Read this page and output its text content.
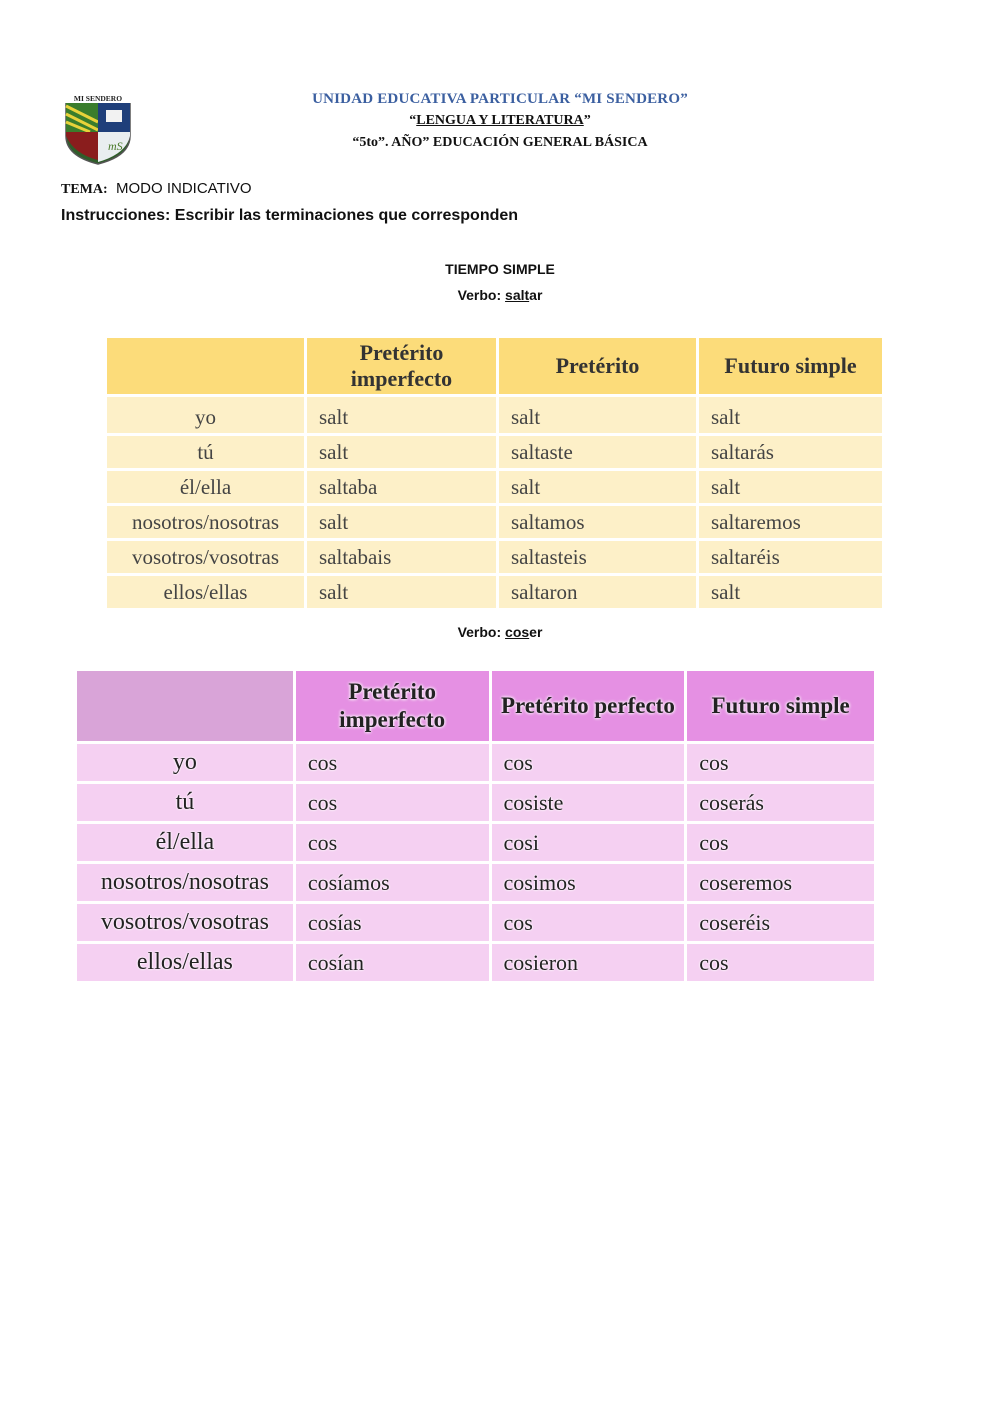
mS
MI SENDERO	UNIDAD EDUCATIVA PARTICULAR “MI SENDERO”
“LENGUA Y LITERATURA”
“5to”. AÑO” EDUCACIÓN GENERAL BÁSICA
TEMA: MODO INDICATIVO
Instrucciones: Escribir las terminaciones que corresponden
TIEMPO SIMPLE
Verbo: saltar
	Pretérito imperfecto	Pretérito	Futuro simple
yo	salt	salt	salt
tú	salt	saltaste	saltarás
él/ella	saltaba	salt	salt
nosotros/nosotras	salt	saltamos	saltaremos
vosotros/vosotras	saltabais	saltasteis	saltaréis
ellos/ellas	salt	saltaron	salt
Verbo: coser
	Pretérito imperfecto	Pretérito perfecto	Futuro simple
yo	cos	cos	cos
tú	cos	cosiste	coserás
él/ella	cos	cosi	cos
nosotros/nosotras	cosíamos	cosimos	coseremos
vosotros/vosotras	cosías	cos	coseréis
ellos/ellas	cosían	cosieron	cos
